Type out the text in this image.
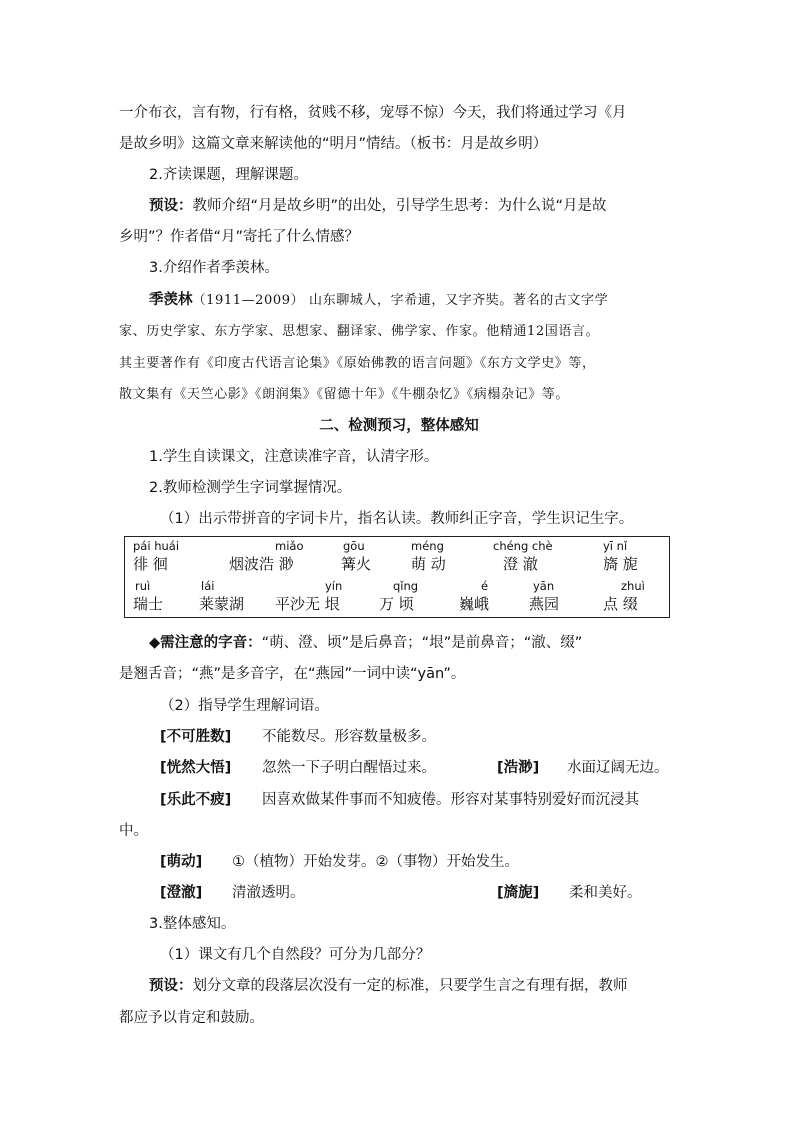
一介布衣，言有物，行有格，贫贱不移，宠辱不惊）今天，我们将通过学习《月
是故乡明》这篇文章来解读他的“明月”情结。（板书：月是故乡明）
2.齐读课题，理解课题。
预设：教师介绍“月是故乡明”的出处，引导学生思考：为什么说“月是故
乡明”？作者借“月”寄托了什么情感？
3.介绍作者季羡林。
季羡林（1911—2009） 山东聊城人，字希逋，又字齐奘。著名的古文字学
家、历史学家、东方学家、思想家、翻译家、佛学家、作家。他精通12国语言。
其主要著作有《印度古代语言论集》《原始佛教的语言问题》《东方文学史》等，
散文集有《天竺心影》《朗润集》《留德十年》《牛棚杂忆》《病榻杂记》等。
二、检测预习，整体感知
1.学生自读课文，注意读准字音，认清字形。
2.教师检测学生字词掌握情况。
（1）出示带拼音的字词卡片，指名认读。教师纠正字音，学生识记生字。
pái huái
徘 徊
miǎo
烟波浩 渺
gōu
篝火
méng
萌 动
chéng chè
澄 澈
yī nǐ
旖 旎
ruì
瑞士
lái
莱蒙湖
yín
平沙无 垠
qǐng
万 顷
é
巍峨
yān
燕园
zhuì
点 缀
◆需注意的字音：“萌、澄、顷”是后鼻音；“垠”是前鼻音；“澈、缀”
是翘舌音；“燕”是多音字，在“燕园”一词中读“yān”。
（2）指导学生理解词语。
[不可胜数] 不能数尽。形容数量极多。
[恍然大悟] 忽然一下子明白醒悟过来。	[浩渺] 水面辽阔无边。
[乐此不疲] 因喜欢做某件事而不知疲倦。形容对某事特别爱好而沉浸其
中。
[萌动] ①（植物）开始发芽。②（事物）开始发生。
[澄澈] 清澈透明。	[旖旎] 柔和美好。
3.整体感知。
（1）课文有几个自然段？可分为几部分？
预设：划分文章的段落层次没有一定的标准，只要学生言之有理有据，教师
都应予以肯定和鼓励。
